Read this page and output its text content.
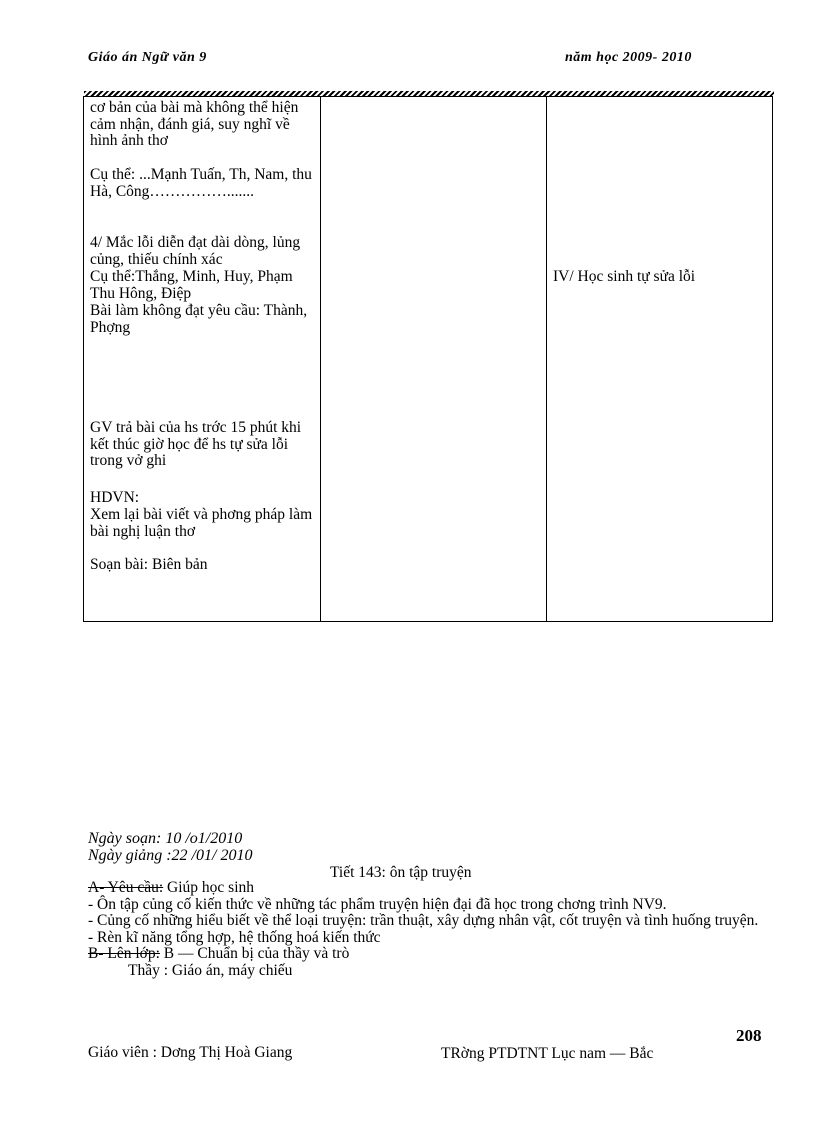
Giáo án Ngữ văn 9	năm học 2009- 2010
cơ bản của bài mà không thể hiện cảm nhận, đánh giá, suy nghĩ về hình ảnh thơ
Cụ thể: ...Mạnh Tuấn, Th, Nam, thu Hà, Công…………….......
4/ Mắc lỗi diễn đạt dài dòng, lủng củng, thiếu chính xác
Cụ thể:Thắng, Minh, Huy, Phạm Thu Hông, Điệp
Bài làm không đạt yêu cầu: Thành, Phợng
GV trả bài của hs trớc 15 phút khi kết thúc giờ học để hs tự sửa lỗi trong vở ghi
HDVN:
Xem lại bài viết và phơng pháp làm bài nghị luận thơ
Soạn bài: Biên bản
IV/ Học sinh tự sửa lỗi
Ngày soạn: 10 /o1/2010
Ngày giảng :22 /01/ 2010
Tiết 143: ôn tập truyện
A- Yêu cầu: Giúp học sinh
- Ôn tập củng cố kiến thức về những tác phẩm truyện hiện đại đã học trong chơng trình NV9.
- Củng cố những hiểu biết về thể loại truyện: trần thuật, xây dựng nhân vật, cốt truyện và tình huống truyện.
- Rèn kĩ năng tổng hợp, hệ thống hoá kiến thức
B- Lên lớp: B — Chuẩn bị của thầy và trò
Thầy : Giáo án, máy chiếu
208
Giáo viên : Dơng Thị Hoà Giang	TRờng PTDTNT Lục nam — Bắc
